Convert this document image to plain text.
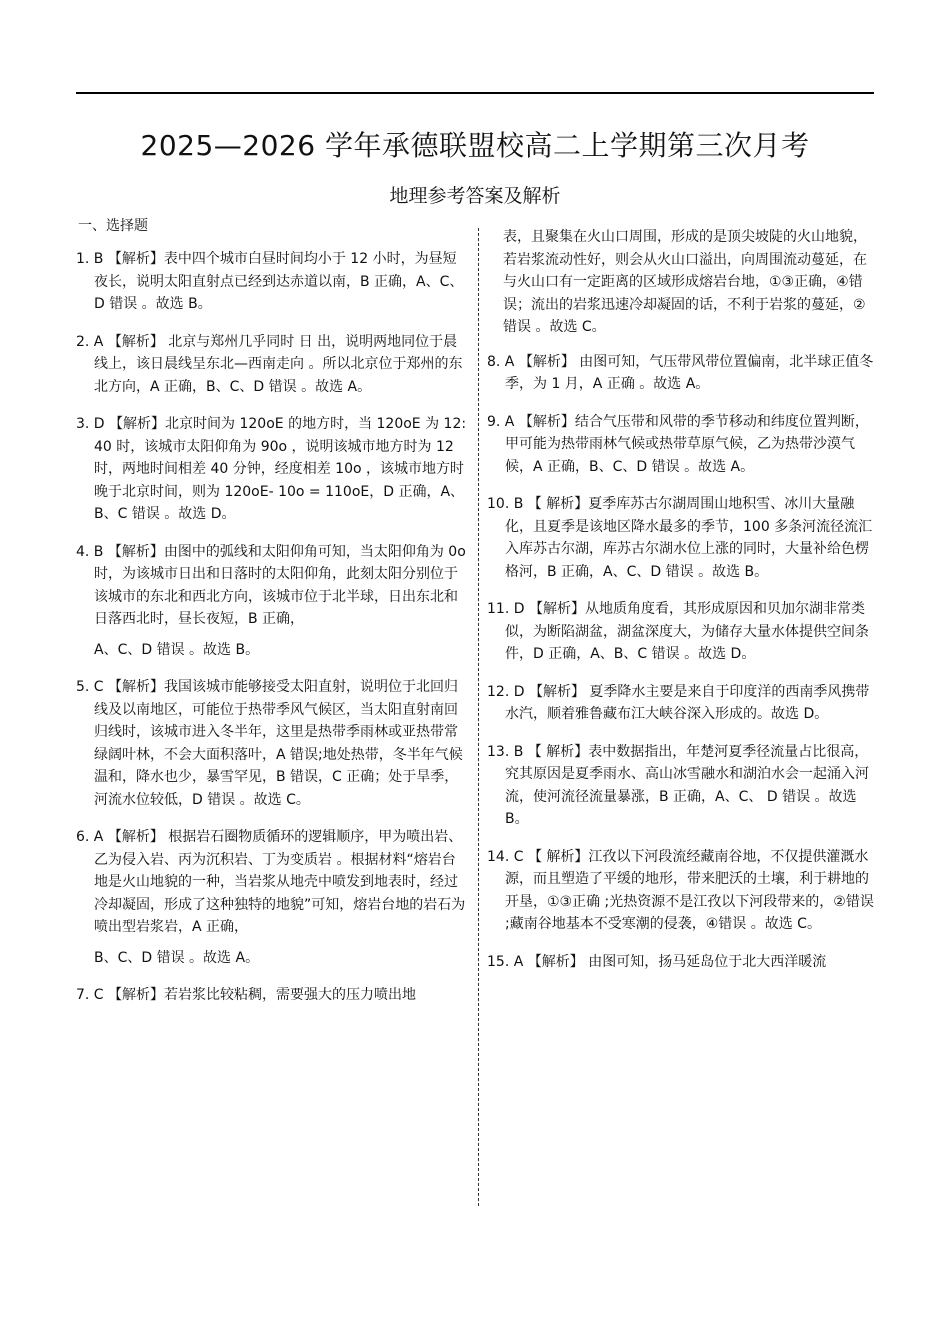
2025—2026 学年承德联盟校高二上学期第三次月考
地理参考答案及解析
一、选择题

1. B 【解析】表中四个城市白昼时间均小于 12 小时，为昼短夜长，说明太阳直射点已经到达赤道以南，B 正确，A、C、D 错误 。故选 B。

2. A 【解析】 北京与郑州几乎同时 日 出，说明两地同位于晨线上，该日晨线呈东北—西南走向 。所以北京位于郑州的东北方向，A 正确，B、C、D 错误 。故选 A。

3. D 【解析】北京时间为 120oE 的地方时，当 120oE 为 12: 40 时，该城市太阳仰角为 90o ，说明该城市地方时为 12 时，两地时间相差 40 分钟，经度相差 10o ，该城市地方时晚于北京时间，则为 120oE- 10o = 110oE，D 正确，A、B、C 错误 。故选 D。

4. B 【解析】由图中的弧线和太阳仰角可知，当太阳仰角为 0o 时，为该城市日出和日落时的太阳仰角，此刻太阳分别位于该城市的东北和西北方向，该城市位于北半球，日出东北和日落西北时，昼长夜短，B 正确，

A、C、D 错误 。故选 B。

5. C 【解析】我国该城市能够接受太阳直射，说明位于北回归线及以南地区，可能位于热带季风气候区，当太阳直射南回归线时，该城市进入冬半年，这里是热带季雨林或亚热带常绿阔叶林，不会大面积落叶，A 错误;地处热带，冬半年气候温和，降水也少，暴雪罕见，B 错误，C 正确；处于旱季，河流水位较低，D 错误 。故选 C。

6. A 【解析】 根据岩石圈物质循环的逻辑顺序，甲为喷出岩、乙为侵入岩、丙为沉积岩、丁为变质岩 。根据材料“熔岩台地是火山地貌的一种，当岩浆从地壳中喷发到地表时，经过冷却凝固，形成了这种独特的地貌”可知，熔岩台地的岩石为喷出型岩浆岩，A 正确，

B、C、D 错误 。故选 A。

7. C 【解析】若岩浆比较粘稠，需要强大的压力喷出地

表，且聚集在火山口周围，形成的是顶尖坡陡的火山地貌，若岩浆流动性好，则会从火山口溢出，向周围流动蔓延，在与火山口有一定距离的区域形成熔岩台地，①③正确，④错误；流出的岩浆迅速冷却凝固的话，不利于岩浆的蔓延，②错误 。故选 C。

8. A 【解析】 由图可知，气压带风带位置偏南，北半球正值冬季，为 1 月，A 正确 。故选 A。

9. A 【解析】结合气压带和风带的季节移动和纬度位置判断，甲可能为热带雨林气候或热带草原气候，乙为热带沙漠气候，A 正确，B、C、D 错误 。故选 A。

10. B 【 解析】夏季库苏古尔湖周围山地积雪、冰川大量融化，且夏季是该地区降水最多的季节，100 多条河流径流汇入库苏古尔湖，库苏古尔湖水位上涨的同时，大量补给色楞格河，B 正确，A、C、D 错误 。故选 B。

11. D 【解析】从地质角度看，其形成原因和贝加尔湖非常类似，为断陷湖盆，湖盆深度大，为储存大量水体提供空间条件，D 正确，A、B、C 错误 。故选 D。

12. D 【解析】 夏季降水主要是来自于印度洋的西南季风携带水汽，顺着雅鲁藏布江大峡谷深入形成的。故选 D。

13. B 【 解析】表中数据指出，年楚河夏季径流量占比很高，究其原因是夏季雨水、高山冰雪融水和湖泊水会一起涌入河流，使河流径流量暴涨，B 正确，A、C、 D 错误 。故选 B。

14. C 【 解析】江孜以下河段流经藏南谷地，不仅提供灌溉水源，而且塑造了平缓的地形，带来肥沃的土壤，利于耕地的开垦，①③正确 ;光热资源不是江孜以下河段带来的，②错误 ;藏南谷地基本不受寒潮的侵袭，④错误 。故选 C。

15. A 【解析】 由图可知，扬马延岛位于北大西洋暖流
